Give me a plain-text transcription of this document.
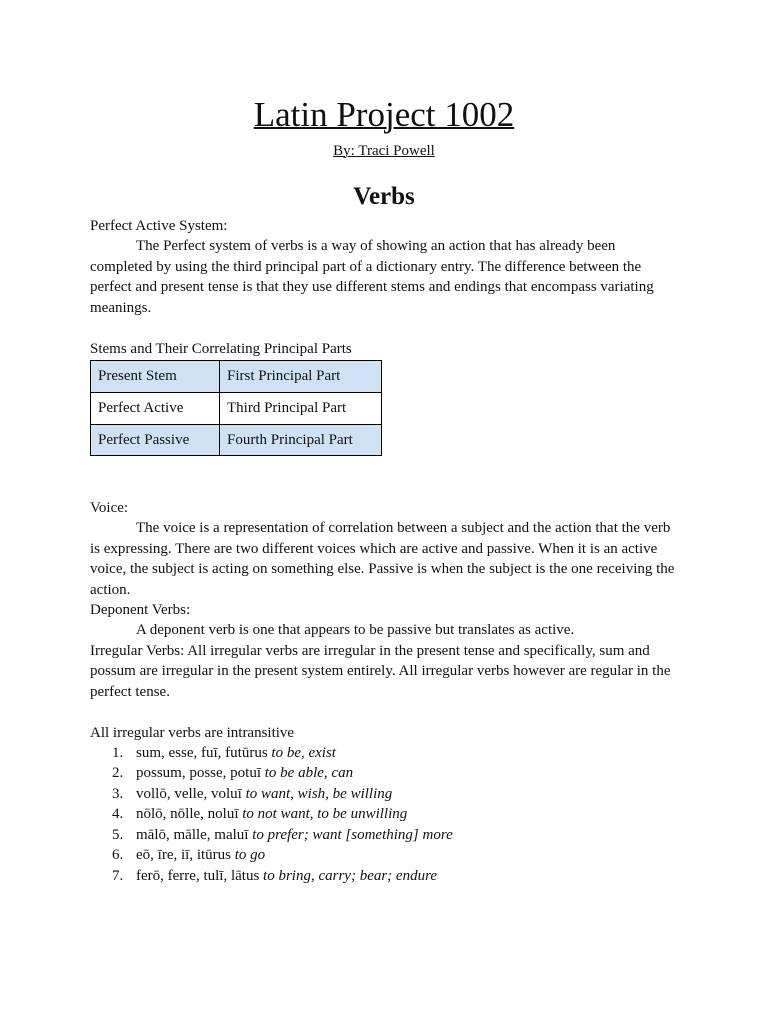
Latin Project 1002
By: Traci Powell
Verbs
Perfect Active System:
The Perfect system of verbs is a way of showing an action that has already been
completed by using the third principal part of a dictionary entry. The difference between the
perfect and present tense is that they use different stems and endings that encompass variating
meanings.
Stems and Their Correlating Principal Parts
Present Stem	First Principal Part
Perfect Active	Third Principal Part
Perfect Passive	Fourth Principal Part
Voice:
The voice is a representation of correlation between a subject and the action that the verb
is expressing. There are two different voices which are active and passive. When it is an active
voice, the subject is acting on something else. Passive is when the subject is the one receiving the
action.
Deponent Verbs:
A deponent verb is one that appears to be passive but translates as active.
Irregular Verbs: All irregular verbs are irregular in the present tense and specifically, sum and
possum are irregular in the present system entirely. All irregular verbs however are regular in the
perfect tense.
All irregular verbs are intransitive
1. sum, esse, fuī, futūrus to be, exist
2. possum, posse, potuī to be able, can
3. vollō, velle, voluī to want, wish, be willing
4. nōlō, nōlle, noluī to not want, to be unwilling
5. mālō, mālle, maluī to prefer; want [something] more
6. eō, īre, iī, itūrus to go
7. ferō, ferre, tulī, lātus to bring, carry; bear; endure
